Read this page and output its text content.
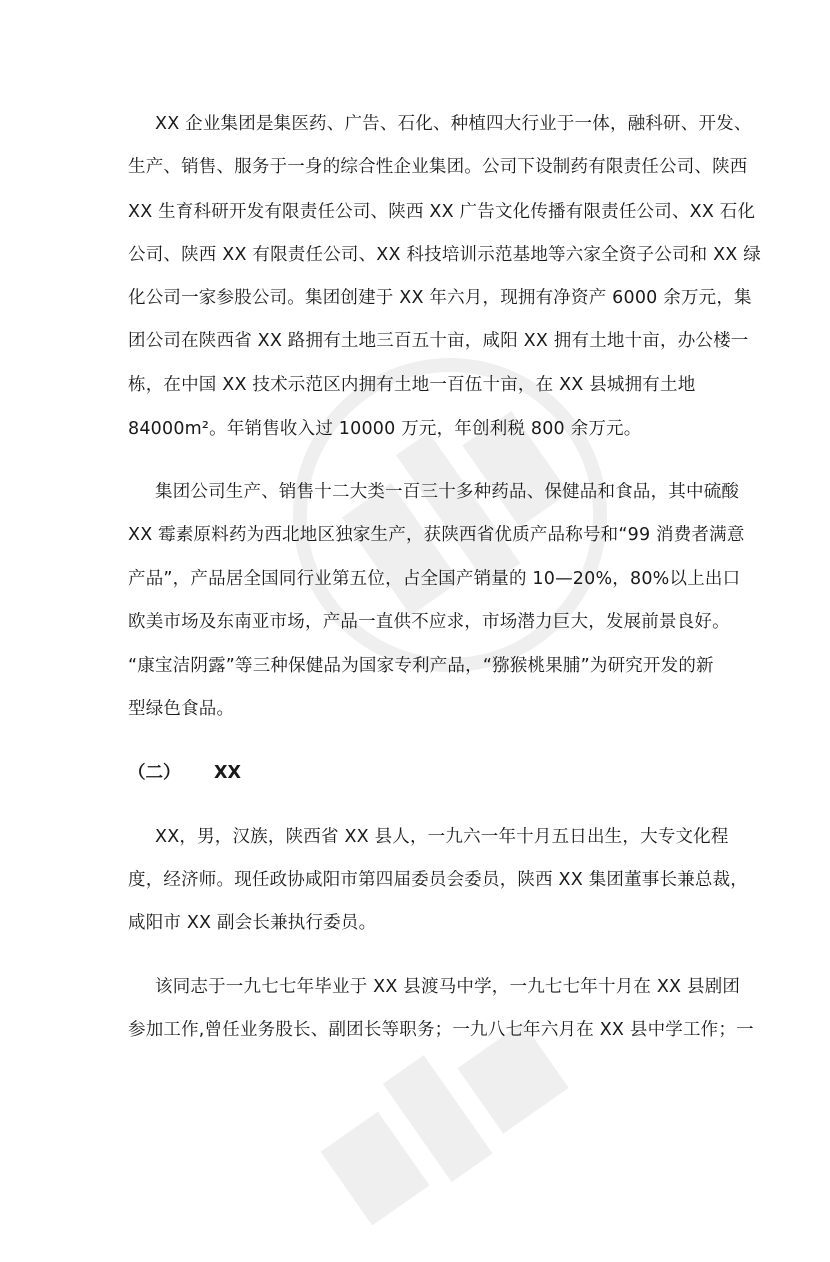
XX 企业集团是集医药、广告、石化、种植四大行业于一体，融科研、开发、
生产、销售、服务于一身的综合性企业集团。公司下设制药有限责任公司、陕西
XX 生育科研开发有限责任公司、陕西 XX 广告文化传播有限责任公司、XX 石化
公司、陕西 XX 有限责任公司、XX 科技培训示范基地等六家全资子公司和 XX 绿
化公司一家参股公司。集团创建于 XX 年六月，现拥有净资产 6000 余万元，集
团公司在陕西省 XX 路拥有土地三百五十亩，咸阳 XX 拥有土地十亩，办公楼一
栋，在中国 XX 技术示范区内拥有土地一百伍十亩，在 XX 县城拥有土地
84000m²。年销售收入过 10000 万元，年创利税 800 余万元。
集团公司生产、销售十二大类一百三十多种药品、保健品和食品，其中硫酸
XX 霉素原料药为西北地区独家生产，获陕西省优质产品称号和“99 消费者满意
产品”，产品居全国同行业第五位，占全国产销量的 10—20%，80%以上出口
欧美市场及东南亚市场，产品一直供不应求，市场潜力巨大，发展前景良好。
“康宝洁阴露”等三种保健品为国家专利产品，“猕猴桃果脯”为研究开发的新
型绿色食品。
（二） XX
XX，男，汉族，陕西省 XX 县人，一九六一年十月五日出生，大专文化程
度，经济师。现任政协咸阳市第四届委员会委员，陕西 XX 集团董事长兼总裁，
咸阳市 XX 副会长兼执行委员。
该同志于一九七七年毕业于 XX 县渡马中学，一九七七年十月在 XX 县剧团
参加工作,曾任业务股长、副团长等职务；一九八七年六月在 XX 县中学工作；一
